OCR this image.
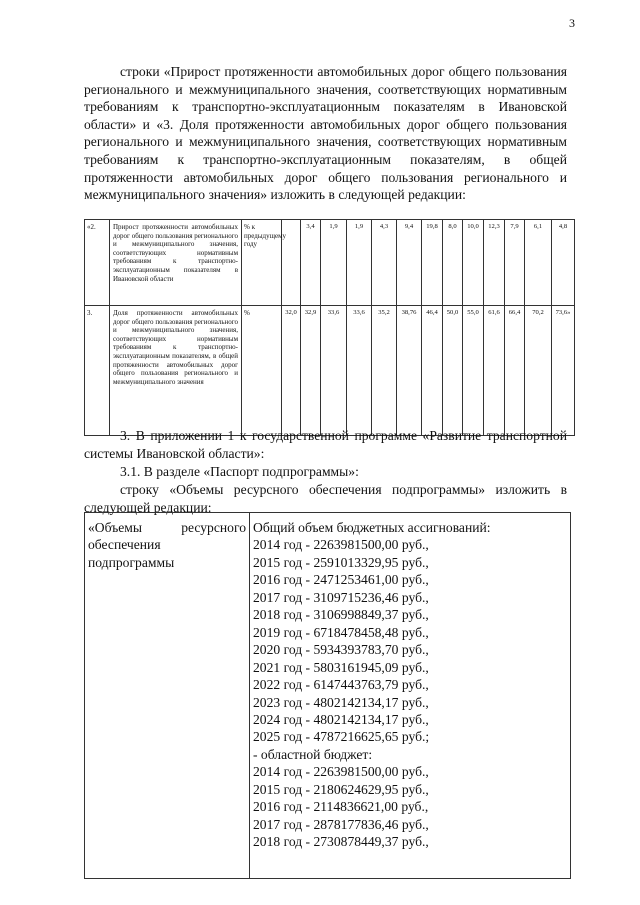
3

строки «Прирост протяженности автомобильных дорог общего пользования регионального и межмуниципального значения, соответствующих нормативным требованиям к транспортно-эксплуатационным показателям в Ивановской области» и «3. Доля протяженности автомобильных дорог общего пользования регионального и межмуниципального значения, соответствующих нормативным требованиям к транспортно-эксплуатационным показателям, в общей протяженности автомобильных дорог общего пользования регионального и межмуниципального значения» изложить в следующей редакции:

«2.	Прирост протяженности автомобильных дорог общего пользования регионального и межмуниципального значения, соответствующих нормативным требованиям к транспортно-эксплуатационным показателям в Ивановской области	% к предыдущему году		3,4	1,9	1,9	4,3	9,4	19,8	8,0	10,0	12,3	7,9	6,1	4,8
3.	Доля протяженности автомобильных дорог общего пользования регионального и межмуниципального значения, соответствующих нормативным требованиям к транспортно-эксплуатационным показателям, в общей протяженности автомобильных дорог общего пользования регионального и межмуниципального значения	%	32,0	32,9	33,6	33,6	35,2	38,76	46,4	50,0	55,0	61,6	66,4	70,2	73,6»

3. В приложении 1 к государственной программе «Развитие транспортной системы Ивановской области»:

3.1. В разделе «Паспорт подпрограммы»:

строку «Объемы ресурсного обеспечения подпрограммы» изложить в следующей редакции:

«Объемы	ресурсного
обеспечения
подпрограммы

Общий объем бюджетных ассигнований:
2014 год - 2263981500,00 руб.,
2015 год - 2591013329,95 руб.,
2016 год - 2471253461,00 руб.,
2017 год - 3109715236,46 руб.,
2018 год - 3106998849,37 руб.,
2019 год - 6718478458,48 руб.,
2020 год - 5934393783,70 руб.,
2021 год - 5803161945,09 руб.,
2022 год - 6147443763,79 руб.,
2023 год - 4802142134,17 руб.,
2024 год - 4802142134,17 руб.,
2025 год - 4787216625,65 руб.;
- областной бюджет:
2014 год - 2263981500,00 руб.,
2015 год - 2180624629,95 руб.,
2016 год - 2114836621,00 руб.,
2017 год - 2878177836,46 руб.,
2018 год - 2730878449,37 руб.,
